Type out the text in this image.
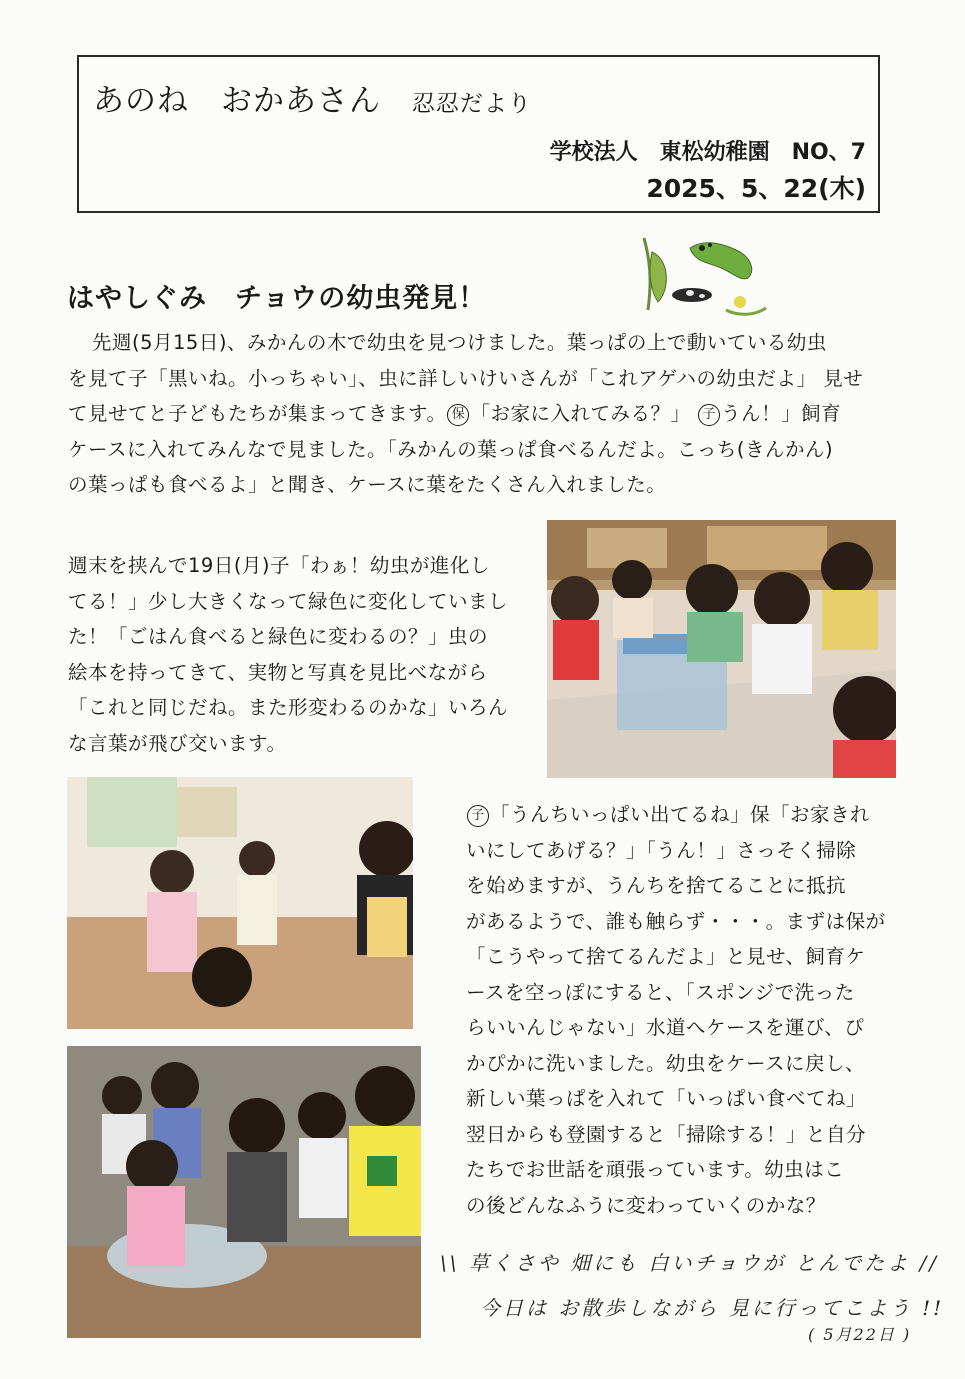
あのね　おかあさん 忍忍だより
学校法人　東松幼稚園　NO、7
2025、5、22(木)
はやしぐみ　チョウの幼虫発見！
先週(5月15日)、みかんの木で幼虫を見つけました。葉っぱの上で動いている幼虫
を見て子「黒いね。小っちゃい」、虫に詳しいけいさんが「これアゲハの幼虫だよ」 見せ
て見せてと子どもたちが集まってきます。 保 「お家に入れてみる？」 子 うん！」飼育
ケースに入れてみんなで見ました。「みかんの葉っぱ食べるんだよ。こっち(きんかん)
の葉っぱも食べるよ」と聞き、ケースに葉をたくさん入れました。
週末を挟んで19日(月)子「わぁ！幼虫が進化し
てる！」少し大きくなって緑色に変化していまし
た！「ごはん食べると緑色に変わるの？」虫の
絵本を持ってきて、実物と写真を見比べながら
「これと同じだね。また形変わるのかな」いろん
な言葉が飛び交います。
子 「うんちいっぱい出てるね」保「お家きれ
いにしてあげる？」「うん！」さっそく掃除
を始めますが、うんちを捨てることに抵抗
があるようで、誰も触らず・・・。まずは保が
「こうやって捨てるんだよ」と見せ、飼育ケ
ースを空っぽにすると、「スポンジで洗った
らいいんじゃない」水道へケースを運び、ぴ
かぴかに洗いました。幼虫をケースに戻し、
新しい葉っぱを入れて「いっぱい食べてね」
翌日からも登園すると「掃除する！」と自分
たちでお世話を頑張っています。幼虫はこ
の後どんなふうに変わっていくのかな？
\\ 草くさや 畑にも 白いチョウが とんでたよ //
今日は お散歩しながら 見に行ってこよう !!
( 5月22日 )
